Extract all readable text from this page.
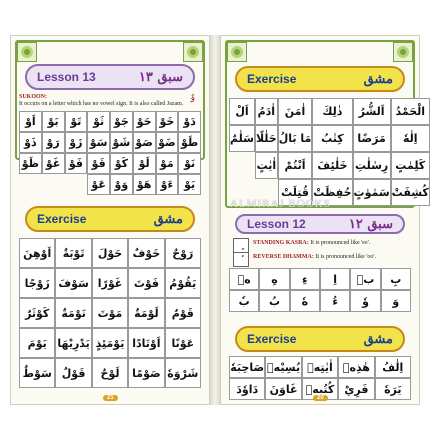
Lesson 13	سبق ١٣
SUKOON:
It occurs on a letter which has no vowel sign. It is also called Jazam.
وْ
اَوْ	بَوْ	تَوْ	ثَوْ جَوْ حَوْ خَوْ دَوْ
ذَوْ رَوْ زَوْ سَوْ شَوْ صَوْ ضَوْ طَوْ
ظَوْ غَوْ فَوْ قَوْ كَوْ لَوْ مَوْ نَوْ
عَوْ وَوْ هَوْ ءَوْ	يَوْ
Exercise	مشق
اَوْهِنَ	تَوْبَةٌ	حَوْلَ خَوْفٌ	رَوْحٌ
زَوْجًا سَوْفَ غَوْرًا	فَوْتَ يَقُوْمُ
كَوْثَرٌ	نَوْمَةٌ	مَوْتَ	لَوْمَةٌ	قَوْمٌ
يَوْمَ يَدْرِيْهَا يَوْمَئِذٍ اَوْتَادًا عَوْنًا
سَوْطٌ قَوْلٌ	لَوْحٌ	صَوْمًا شَرْوَهٗ
21
Exercise	مشق
اَلْ اٰدَمُ اٰمَنَ	ذٰلِكَ	اَلشُّرُ الْحَمْدُ
سَلٰمٌ حَلٰلًا مَا بَالُ كِتٰبُ	مَرَضًا	اِلٰهٗ
اٰيٰتٍ اَنْتُمْ	خَلٰئِفَ رِسٰلٰتِ كَلِمٰتٍ
قُتِلَتْ حُفِظَتْ سَمٰوٰتٍ كُشِفَتْ
Lesson 12	سبق ١٢
STANDING KASRA: It is pronounced like 'ee'.
REVERSE DHAMMA: It is pronounced like 'oo'.
هٖ	هِ	ءِ	اِ	بٖ	بِ
بٗ	بُ	هٗ	ءُ	وٗ	وَ
Exercise	مشق
صَاحِبَهٗ يُسِيْهٖ اٰيٰتِهٖ هٰذِهٖ	اِلٰفُ
دَاوٗدَ	غَاوَنَ كُتُبِهٖ فَرِيْ	يَرَهٗ
20
ALMIRAJ BOOKS
